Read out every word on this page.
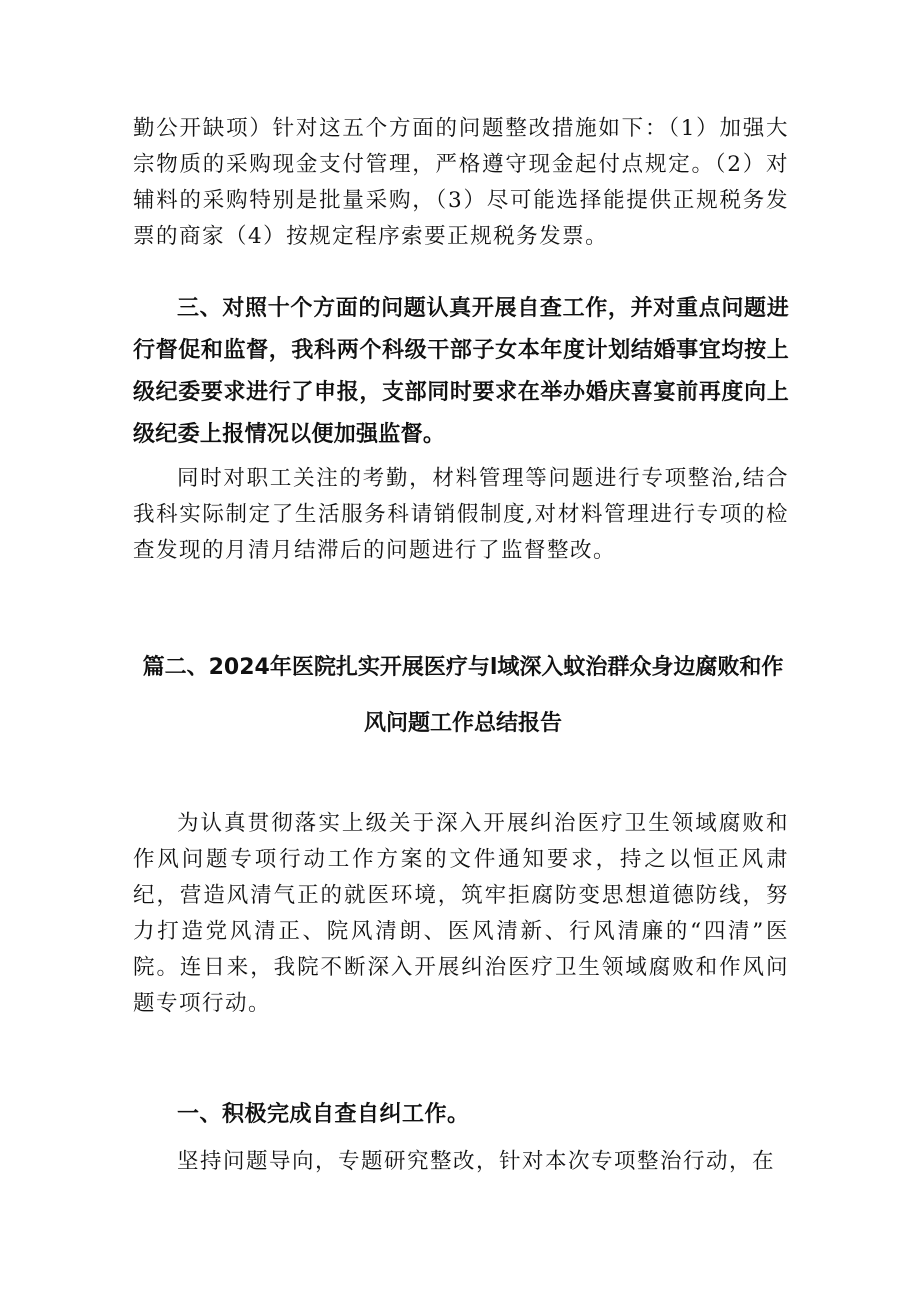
勤公开缺项）针对这五个方面的问题整改措施如下：（1）加强大宗物质的采购现金支付管理，严格遵守现金起付点规定。（2）对辅料的采购特别是批量采购，（3）尽可能选择能提供正规税务发票的商家（4）按规定程序索要正规税务发票。

三、对照十个方面的问题认真开展自查工作，并对重点问题进行督促和监督，我科两个科级干部子女本年度计划结婚事宜均按上级纪委要求进行了申报，支部同时要求在举办婚庆喜宴前再度向上级纪委上报情况以便加强监督。

同时对职工关注的考勤，材料管理等问题进行专项整治,结合我科实际制定了生活服务科请销假制度,对材料管理进行专项的检查发现的月清月结滞后的问题进行了监督整改。

篇二、2024年医院扎实开展医疗与l域深入蚊治群众身边腐败和作风问题工作总结报告

为认真贯彻落实上级关于深入开展纠治医疗卫生领域腐败和作风问题专项行动工作方案的文件通知要求，持之以恒正风肃纪，营造风清气正的就医环境，筑牢拒腐防变思想道德防线，努力打造党风清正、院风清朗、医风清新、行风清廉的“四清”医院。连日来，我院不断深入开展纠治医疗卫生领域腐败和作风问题专项行动。

一、积极完成自查自纠工作。

坚持问题导向，专题研究整改，针对本次专项整治行动，在
